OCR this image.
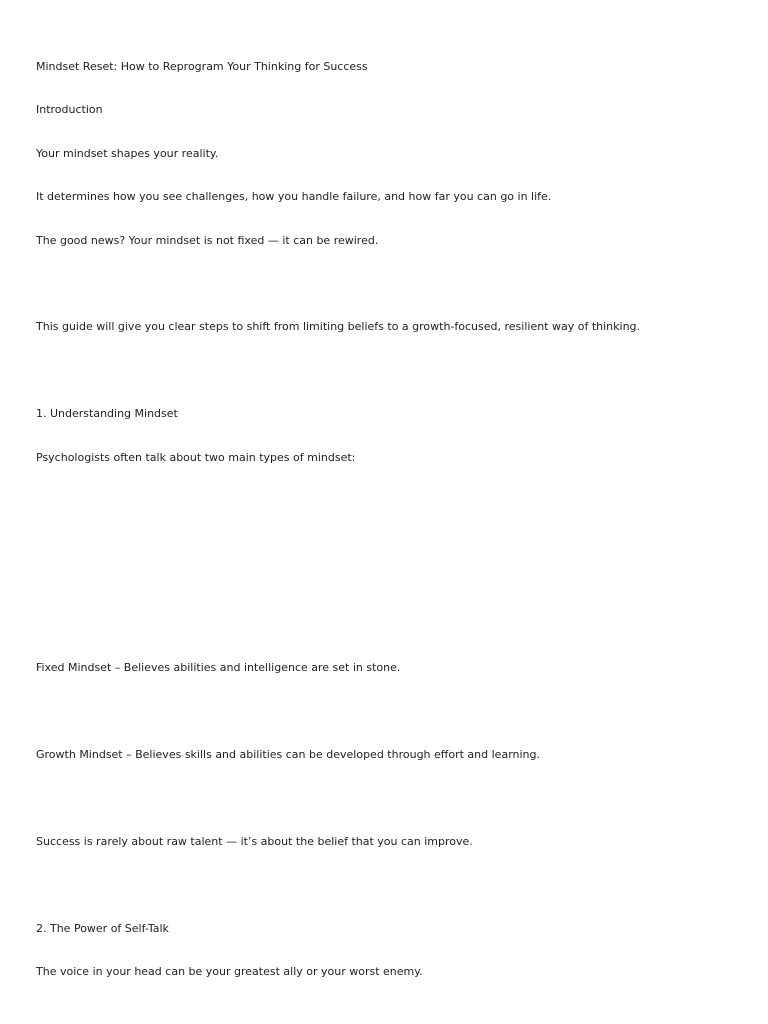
Mindset Reset: How to Reprogram Your Thinking for Success

Introduction

Your mindset shapes your reality.

It determines how you see challenges, how you handle failure, and how far you can go in life.

The good news? Your mindset is not fixed — it can be rewired.

This guide will give you clear steps to shift from limiting beliefs to a growth-focused, resilient way of thinking.

1. Understanding Mindset

Psychologists often talk about two main types of mindset:

Fixed Mindset – Believes abilities and intelligence are set in stone.

Growth Mindset – Believes skills and abilities can be developed through effort and learning.

Success is rarely about raw talent — it’s about the belief that you can improve.

2. The Power of Self-Talk

The voice in your head can be your greatest ally or your worst enemy.
